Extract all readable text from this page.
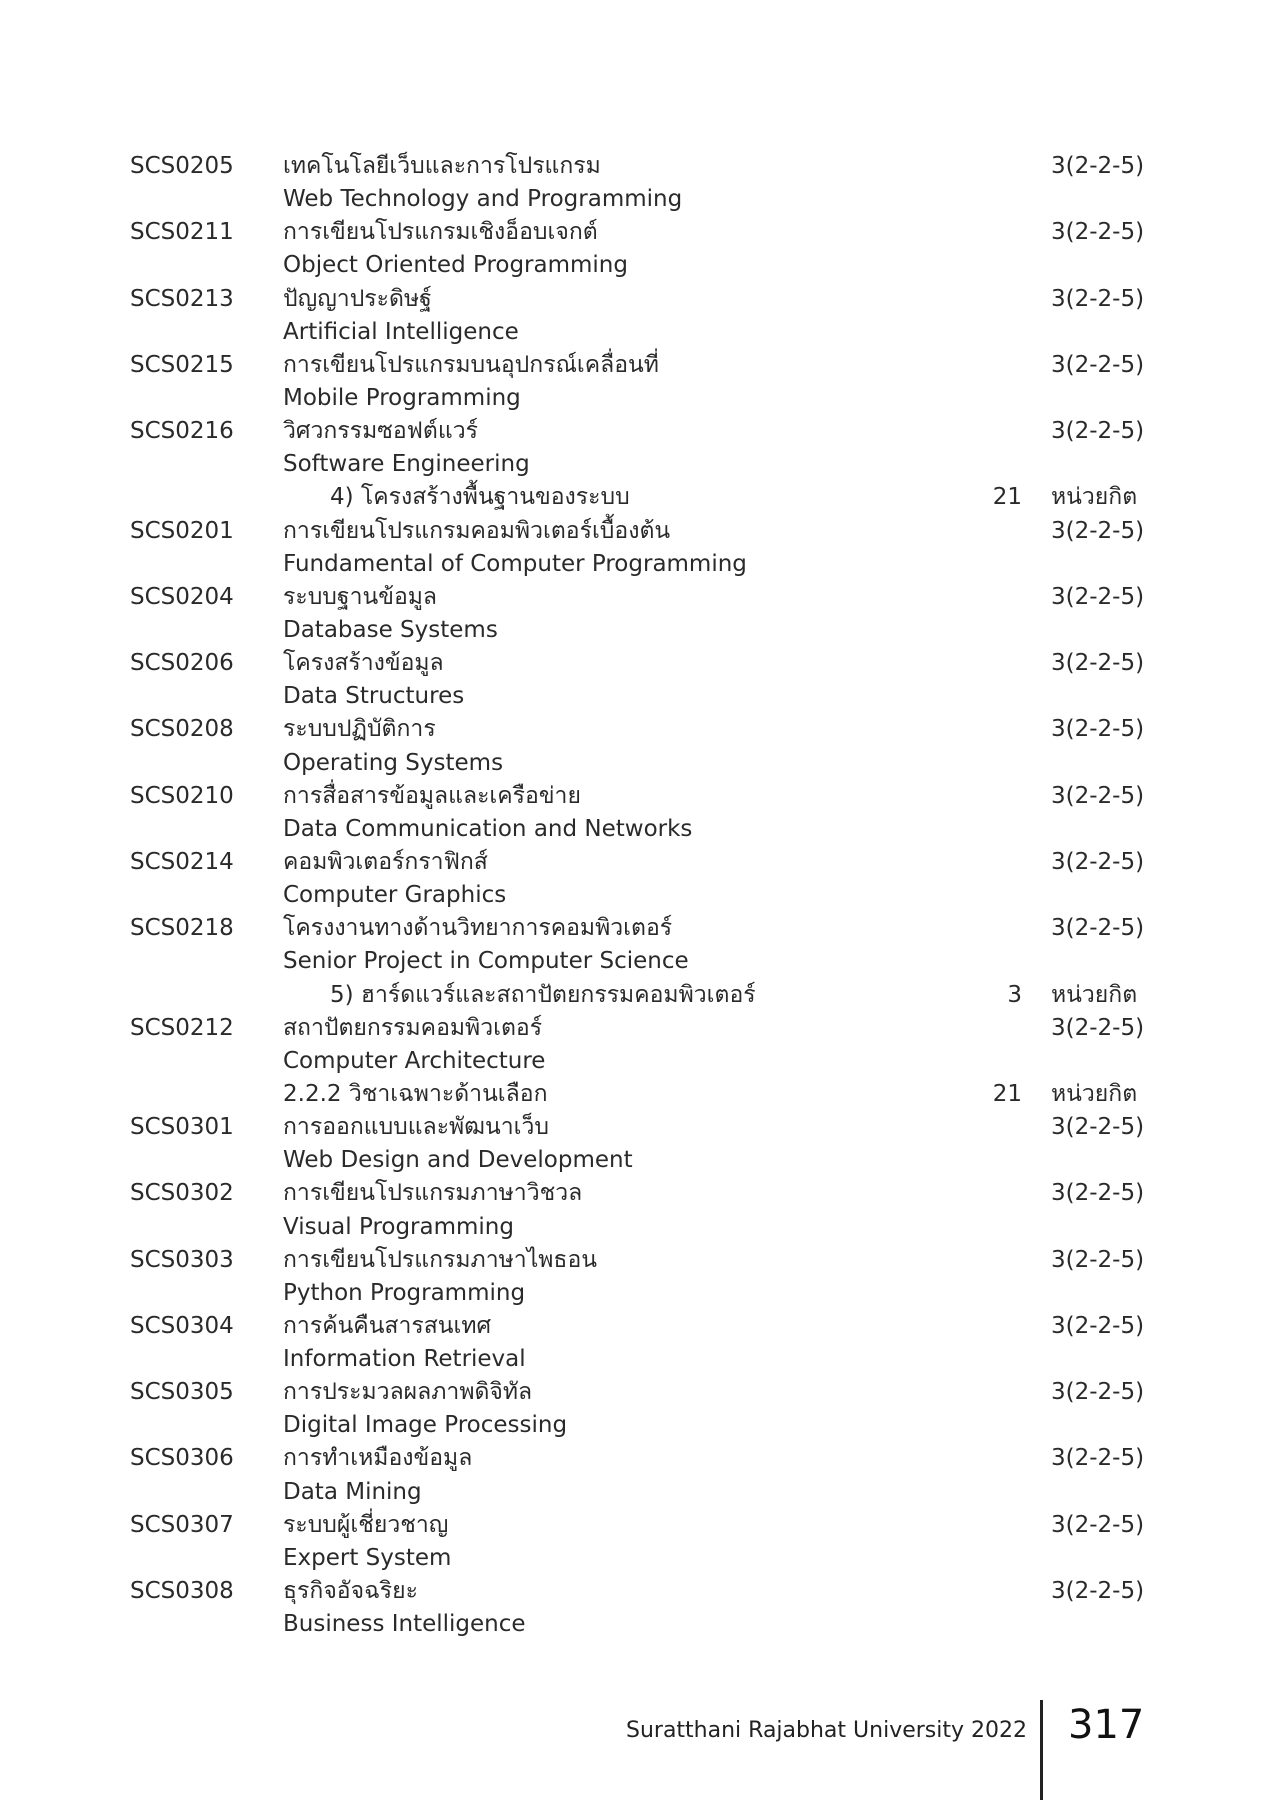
SCS0205 เทคโนโลยีเว็บและการโปรแกรม	3(2-2-5)
Web Technology and Programming
SCS0211 การเขียนโปรแกรมเชิงอ็อบเจกต์	3(2-2-5)
Object Oriented Programming
SCS0213 ปัญญาประดิษฐ์	3(2-2-5)
Artificial Intelligence
SCS0215 การเขียนโปรแกรมบนอุปกรณ์เคลื่อนที่	3(2-2-5)
Mobile Programming
SCS0216 วิศวกรรมซอฟต์แวร์	3(2-2-5)
Software Engineering
4) โครงสร้างพื้นฐานของระบบ	21 หน่วยกิต
SCS0201 การเขียนโปรแกรมคอมพิวเตอร์เบื้องต้น	3(2-2-5)
Fundamental of Computer Programming
SCS0204 ระบบฐานข้อมูล	3(2-2-5)
Database Systems
SCS0206 โครงสร้างข้อมูล	3(2-2-5)
Data Structures
SCS0208 ระบบปฏิบัติการ	3(2-2-5)
Operating Systems
SCS0210 การสื่อสารข้อมูลและเครือข่าย	3(2-2-5)
Data Communication and Networks
SCS0214 คอมพิวเตอร์กราฟิกส์	3(2-2-5)
Computer Graphics
SCS0218 โครงงานทางด้านวิทยาการคอมพิวเตอร์	3(2-2-5)
Senior Project in Computer Science
5) ฮาร์ดแวร์และสถาปัตยกรรมคอมพิวเตอร์	3 หน่วยกิต
SCS0212 สถาปัตยกรรมคอมพิวเตอร์	3(2-2-5)
Computer Architecture
2.2.2 วิชาเฉพาะด้านเลือก	21 หน่วยกิต
SCS0301 การออกแบบและพัฒนาเว็บ	3(2-2-5)
Web Design and Development
SCS0302 การเขียนโปรแกรมภาษาวิชวล	3(2-2-5)
Visual Programming
SCS0303 การเขียนโปรแกรมภาษาไพธอน	3(2-2-5)
Python Programming
SCS0304 การค้นคืนสารสนเทศ	3(2-2-5)
Information Retrieval
SCS0305 การประมวลผลภาพดิจิทัล	3(2-2-5)
Digital Image Processing
SCS0306 การทำเหมืองข้อมูล	3(2-2-5)
Data Mining
SCS0307 ระบบผู้เชี่ยวชาญ	3(2-2-5)
Expert System
SCS0308 ธุรกิจอัจฉริยะ	3(2-2-5)
Business Intelligence
Suratthani Rajabhat University 2022 317
